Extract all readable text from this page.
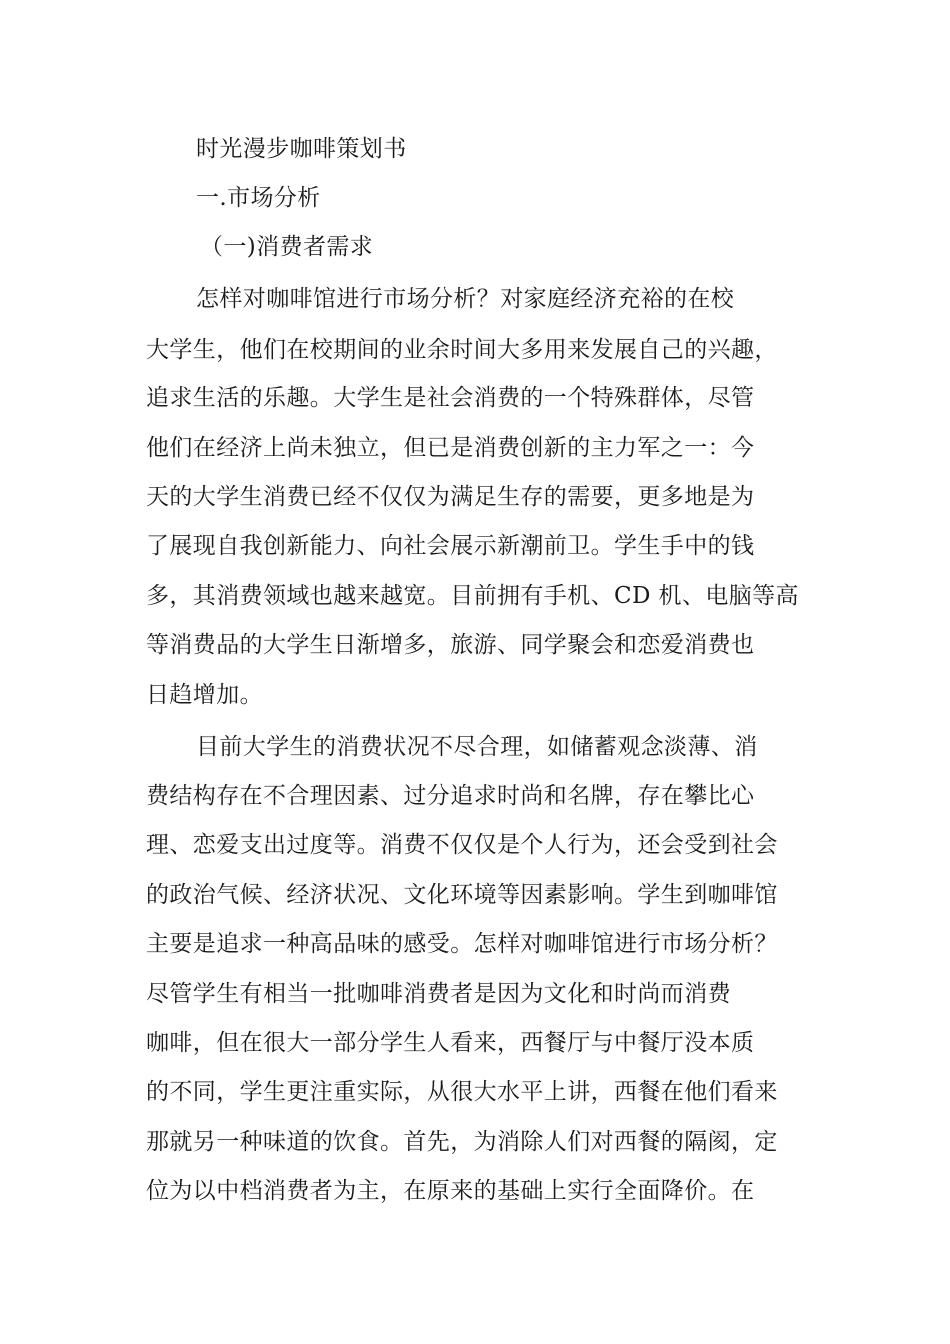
时光漫步咖啡策划书
一.市场分析
（一)消费者需求
怎样对咖啡馆进行市场分析？对家庭经济充裕的在校
大学生，他们在校期间的业余时间大多用来发展自己的兴趣，
追求生活的乐趣。大学生是社会消费的一个特殊群体，尽管
他们在经济上尚未独立，但已是消费创新的主力军之一：今
天的大学生消费已经不仅仅为满足生存的需要，更多地是为
了展现自我创新能力、向社会展示新潮前卫。学生手中的钱
多，其消费领域也越来越宽。目前拥有手机、CD 机、电脑等高
等消费品的大学生日渐增多，旅游、同学聚会和恋爱消费也
日趋增加。
目前大学生的消费状况不尽合理，如储蓄观念淡薄、消
费结构存在不合理因素、过分追求时尚和名牌，存在攀比心
理、恋爱支出过度等。消费不仅仅是个人行为，还会受到社会
的政治气候、经济状况、文化环境等因素影响。学生到咖啡馆
主要是追求一种高品味的感受。怎样对咖啡馆进行市场分析？
尽管学生有相当一批咖啡消费者是因为文化和时尚而消费
咖啡，但在很大一部分学生人看来，西餐厅与中餐厅没本质
的不同，学生更注重实际，从很大水平上讲，西餐在他们看来
那就另一种味道的饮食。首先，为消除人们对西餐的隔阂，定
位为以中档消费者为主，在原来的基础上实行全面降价。在
